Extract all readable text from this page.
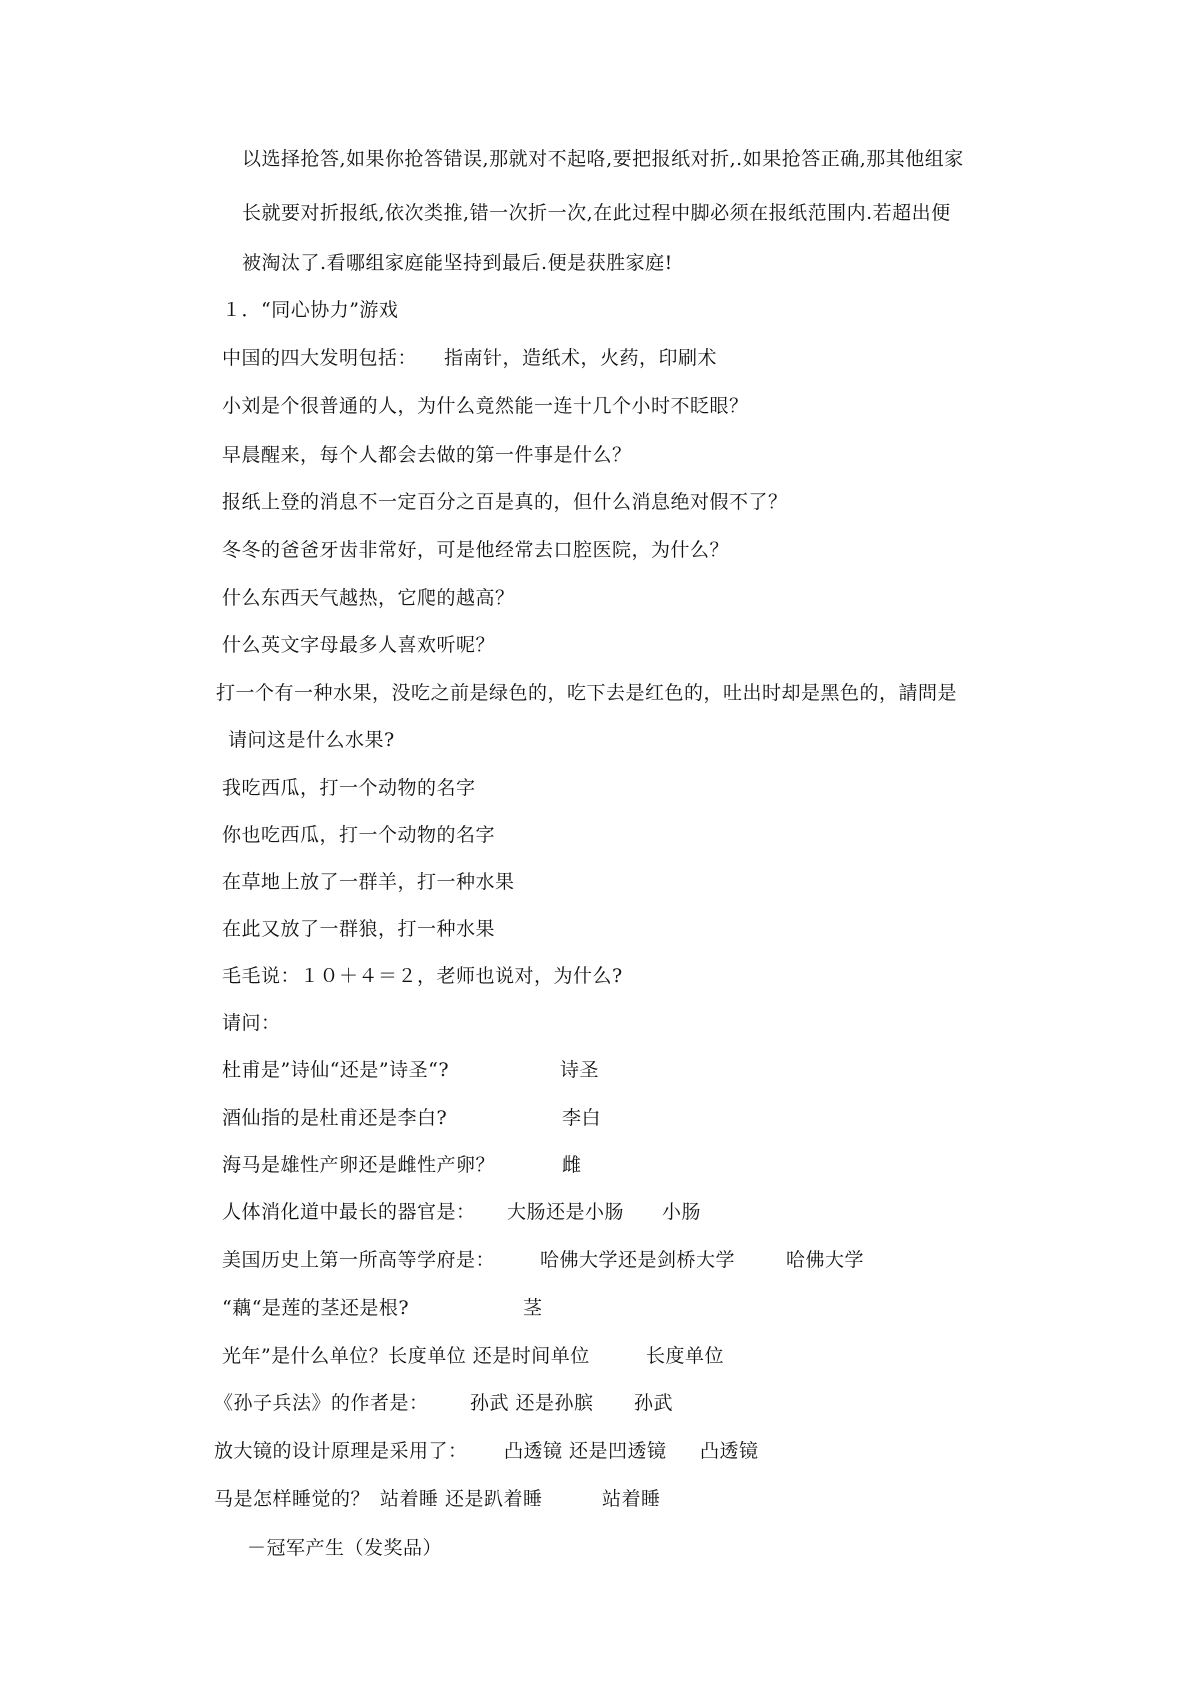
以选择抢答,如果你抢答错误,那就对不起咯,要把报纸对折,.如果抢答正确,那其他组家
长就要对折报纸,依次类推,错一次折一次,在此过程中脚必须在报纸范围内.若超出便
被淘汰了.看哪组家庭能坚持到最后.便是获胜家庭!
１．“同心协力”游戏
中国的四大发明包括： 指南针，造纸术，火药，印刷术
小刘是个很普通的人，为什么竟然能一连十几个小时不眨眼？
早晨醒来，每个人都会去做的第一件事是什么？
报纸上登的消息不一定百分之百是真的，但什么消息绝对假不了？
冬冬的爸爸牙齿非常好，可是他经常去口腔医院，为什么？
什么东西天气越热，它爬的越高？
什么英文字母最多人喜欢听呢？
打一个有一种水果，没吃之前是绿色的，吃下去是红色的，吐出时却是黑色的，請問是
请问这是什么水果?
我吃西瓜，打一个动物的名字
你也吃西瓜，打一个动物的名字
在草地上放了一群羊，打一种水果
在此又放了一群狼，打一种水果
毛毛说：１０＋４＝２，老师也说对，为什么?
请问：
杜甫是”诗仙“还是”诗圣“?	诗圣
酒仙指的是杜甫还是李白?	李白
海马是雄性产卵还是雌性产卵？	雌
人体消化道中最长的器官是： 大肠还是小肠 小肠
美国历史上第一所高等学府是： 哈佛大学还是剑桥大学	哈佛大学
“藕“是莲的茎还是根?	茎
光年”是什么单位？长度单位 还是时间单位	长度单位
《孙子兵法》的作者是： 孙武 还是孙膑 孙武
放大镜的设计原理是采用了： 凸透镜 还是凹透镜 凸透镜
马是怎样睡觉的？ 站着睡 还是趴着睡	站着睡
－冠军产生（发奖品）
